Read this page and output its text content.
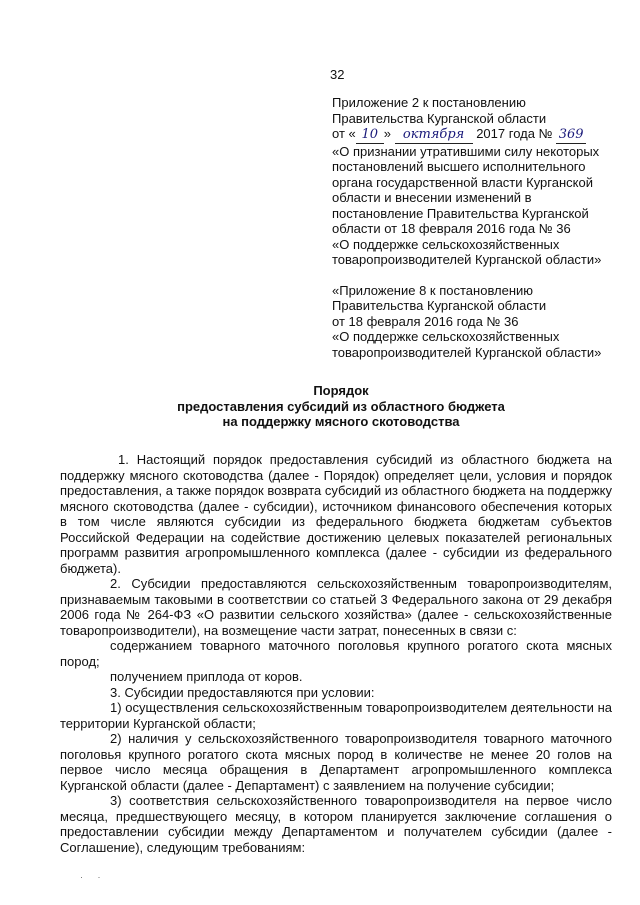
32

Приложение 2 к постановлению

Правительства Курганской области

от « 10 » октября 2017 года № 369

«О признании утратившими силу некоторых

постановлений высшего исполнительного

органа государственной власти Курганской

области и внесении изменений в

постановление Правительства Курганской

области от 18 февраля 2016 года № 36

«О поддержке сельскохозяйственных

товаропроизводителей Курганской области»

«Приложение 8 к постановлению

Правительства Курганской области

от 18 февраля 2016 года № 36

«О поддержке сельскохозяйственных

товаропроизводителей Курганской области»

Порядок

предоставления субсидий из областного бюджета

на поддержку мясного скотоводства

1. Настоящий порядок предоставления субсидий из областного бюджета на поддержку мясного скотоводства (далее - Порядок) определяет цели, условия и порядок предоставления, а также порядок возврата субсидий из областного бюджета на поддержку мясного скотоводства (далее - субсидии), источником финансового обеспечения которых в том числе являются субсидии из федерального бюджета бюджетам субъектов Российской Федерации на содействие достижению целевых показателей региональных программ развития агропромышленного комплекса (далее - субсидии из федерального бюджета).

2. Субсидии предоставляются сельскохозяйственным товаропроизводителям, признаваемым таковыми в соответствии со статьей 3 Федерального закона от 29 декабря 2006 года № 264-ФЗ «О развитии сельского хозяйства» (далее - сельскохозяйственные товаропроизводители), на возмещение части затрат, понесенных в связи с:

содержанием товарного маточного поголовья крупного рогатого скота мясных пород;

получением приплода от коров.

3. Субсидии предоставляются при условии:

1) осуществления сельскохозяйственным товаропроизводителем деятельности на территории Курганской области;

2) наличия у сельскохозяйственного товаропроизводителя товарного маточного поголовья крупного рогатого скота мясных пород в количестве не менее 20 голов на первое число месяца обращения в Департамент агропромышленного комплекса Курганской области (далее - Департамент) с заявлением на получение субсидии;

3) соответствия сельскохозяйственного товаропроизводителя на первое число месяца, предшествующего месяцу, в котором планируется заключение соглашения о предоставлении субсидии между Департаментом и получателем субсидии (далее - Соглашение), следующим требованиям:

· ·
